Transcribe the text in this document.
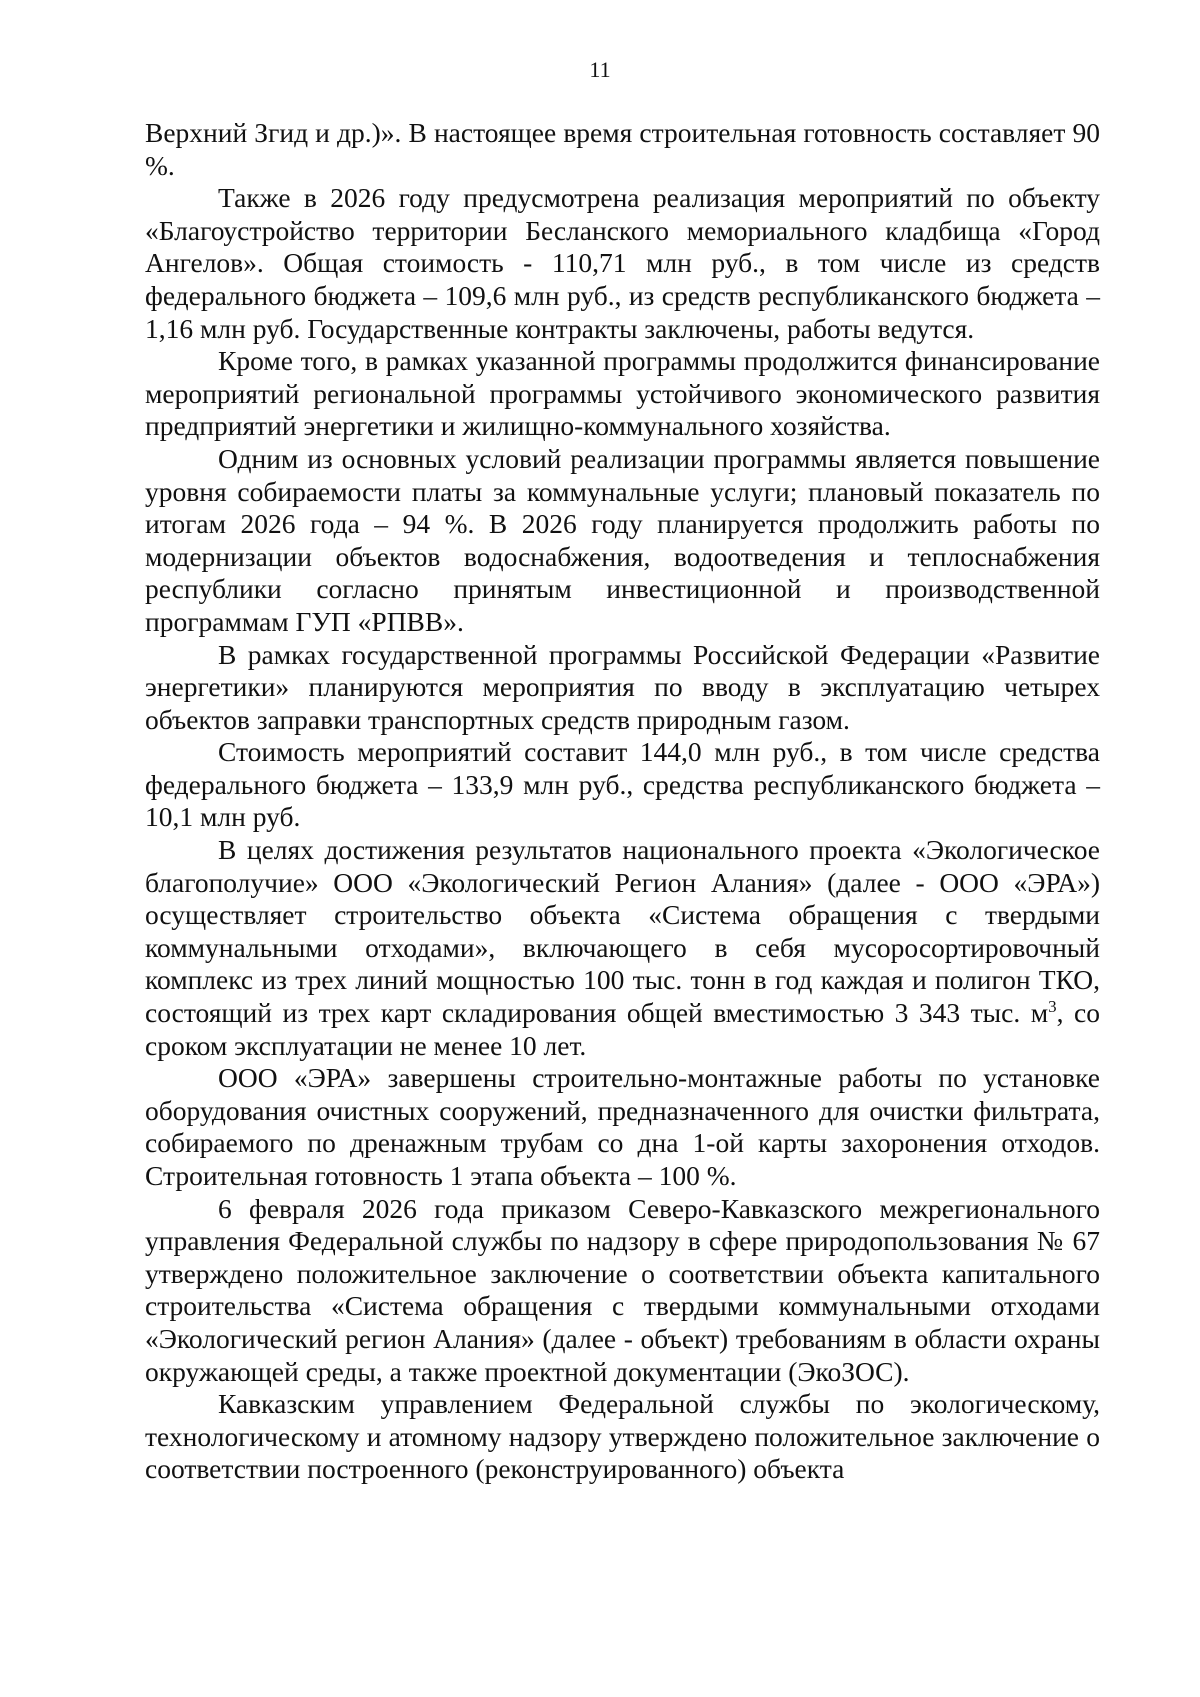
11

Верхний Згид и др.)». В настоящее время строительная готовность составляет 90 %.

Также в 2026 году предусмотрена реализация мероприятий по объекту «Благоустройство территории Бесланского мемориального кладбища «Город Ангелов». Общая стоимость - 110,71 млн руб., в том числе из средств федерального бюджета – 109,6 млн руб., из средств республиканского бюджета – 1,16 млн руб. Государственные контракты заключены, работы ведутся.

Кроме того, в рамках указанной программы продолжится финансирование мероприятий региональной программы устойчивого экономического развития предприятий энергетики и жилищно-коммунального хозяйства.

Одним из основных условий реализации программы является повышение уровня собираемости платы за коммунальные услуги; плановый показатель по итогам 2026 года – 94 %. В 2026 году планируется продолжить работы по модернизации объектов водоснабжения, водоотведения и теплоснабжения республики согласно принятым инвестиционной и производственной программам ГУП «РПВВ».

В рамках государственной программы Российской Федерации «Развитие энергетики» планируются мероприятия по вводу в эксплуатацию четырех объектов заправки транспортных средств природным газом.

Стоимость мероприятий составит 144,0 млн руб., в том числе средства федерального бюджета – 133,9 млн руб., средства республиканского бюджета – 10,1 млн руб.

В целях достижения результатов национального проекта «Экологическое благополучие» ООО «Экологический Регион Алания» (далее - ООО «ЭРА») осуществляет строительство объекта «Система обращения с твердыми коммунальными отходами», включающего в себя мусоросортировочный комплекс из трех линий мощностью 100 тыс. тонн в год каждая и полигон ТКО, состоящий из трех карт складирования общей вместимостью 3 343 тыс. $м^3$, со сроком эксплуатации не менее 10 лет.

ООО «ЭРА» завершены строительно-монтажные работы по установке оборудования очистных сооружений, предназначенного для очистки фильтрата, собираемого по дренажным трубам со дна 1-ой карты захоронения отходов. Строительная готовность 1 этапа объекта – 100 %.

6 февраля 2026 года приказом Северо-Кавказского межрегионального управления Федеральной службы по надзору в сфере природопользования № 67 утверждено положительное заключение о соответствии объекта капитального строительства «Система обращения с твердыми коммунальными отходами «Экологический регион Алания» (далее - объект) требованиям в области охраны окружающей среды, а также проектной документации (ЭкоЗОС).

Кавказским управлением Федеральной службы по экологическому, технологическому и атомному надзору утверждено положительное заключение о соответствии построенного (реконструированного) объекта
